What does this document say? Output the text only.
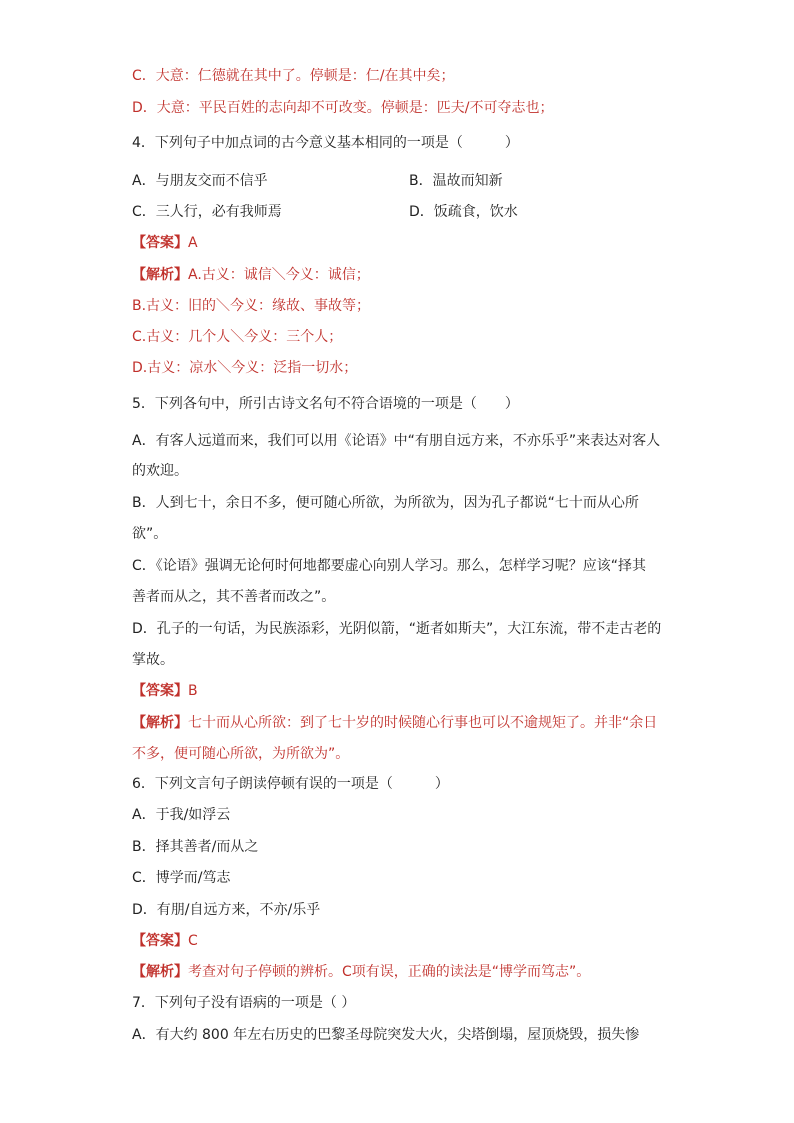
C．大意：仁德就在其中了。停顿是：仁/在其中矣；
D．大意：平民百姓的志向却不可改变。停顿是：匹夫/不可夺志也；
4．下列句子中加点词的古今意义基本相同的一项是（　　　）
A．与朋友交而不信乎	B．温故而知新
C．三人行，必有我师焉	D．饭疏食，饮水
【答案】A
【解析】A.古义：诚信＼今义：诚信；
B.古义：旧的＼今义：缘故、事故等；
C.古义：几个人＼今义：三个人；
D.古义：凉水＼今义：泛指一切水；
5．下列各句中，所引古诗文名句不符合语境的一项是（　　）
A．有客人远道而来，我们可以用《论语》中“有朋自远方来，不亦乐乎”来表达对客人
的欢迎。
B．人到七十，余日不多，便可随心所欲，为所欲为，因为孔子都说“七十而从心所
欲”。
C．《论语》强调无论何时何地都要虚心向别人学习。那么，怎样学习呢？应该“择其
善者而从之，其不善者而改之”。
D．孔子的一句话，为民族添彩，光阴似箭，“逝者如斯夫”，大江东流，带不走古老的
掌故。
【答案】B
【解析】七十而从心所欲：到了七十岁的时候随心行事也可以不逾规矩了。并非“余日
不多，便可随心所欲，为所欲为”。
6．下列文言句子朗读停顿有误的一项是（　　　）
A．于我/如浮云
B．择其善者/而从之
C．博学而/笃志
D．有朋/自远方来，不亦/乐乎
【答案】C
【解析】考查对句子停顿的辨析。C项有误，正确的读法是“博学而笃志”。
7．下列句子没有语病的一项是（ ）
A．有大约 800 年左右历史的巴黎圣母院突发大火，尖塔倒塌，屋顶烧毁，损失惨
